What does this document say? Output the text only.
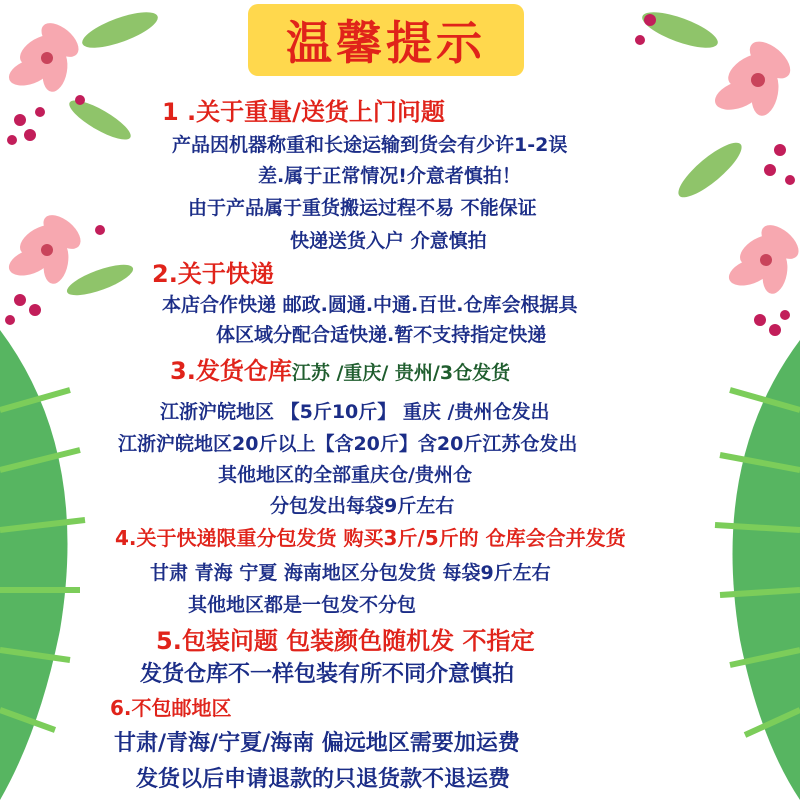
温馨提示
1 .关于重量/送货上门问题
产品因机器称重和长途运输到货会有少许1-2误
差.属于正常情况!介意者慎拍！
由于产品属于重货搬运过程不易 不能保证
快递送货入户 介意慎拍
2.关于快递
本店合作快递 邮政.圆通.中通.百世.仓库会根据具
体区域分配合适快递.暂不支持指定快递
3.发货仓库江苏 /重庆/ 贵州/3仓发货
江浙沪皖地区 【5斤10斤】 重庆 /贵州仓发出
江浙沪皖地区20斤以上【含20斤】含20斤江苏仓发出
其他地区的全部重庆仓/贵州仓
分包发出每袋9斤左右
4.关于快递限重分包发货 购买3斤/5斤的 仓库会合并发货
甘肃 青海 宁夏 海南地区分包发货 每袋9斤左右
其他地区都是一包发不分包
5.包装问题 包装颜色随机发 不指定
发货仓库不一样包装有所不同介意慎拍
6.不包邮地区
甘肃/青海/宁夏/海南 偏远地区需要加运费
发货以后申请退款的只退货款不退运费
